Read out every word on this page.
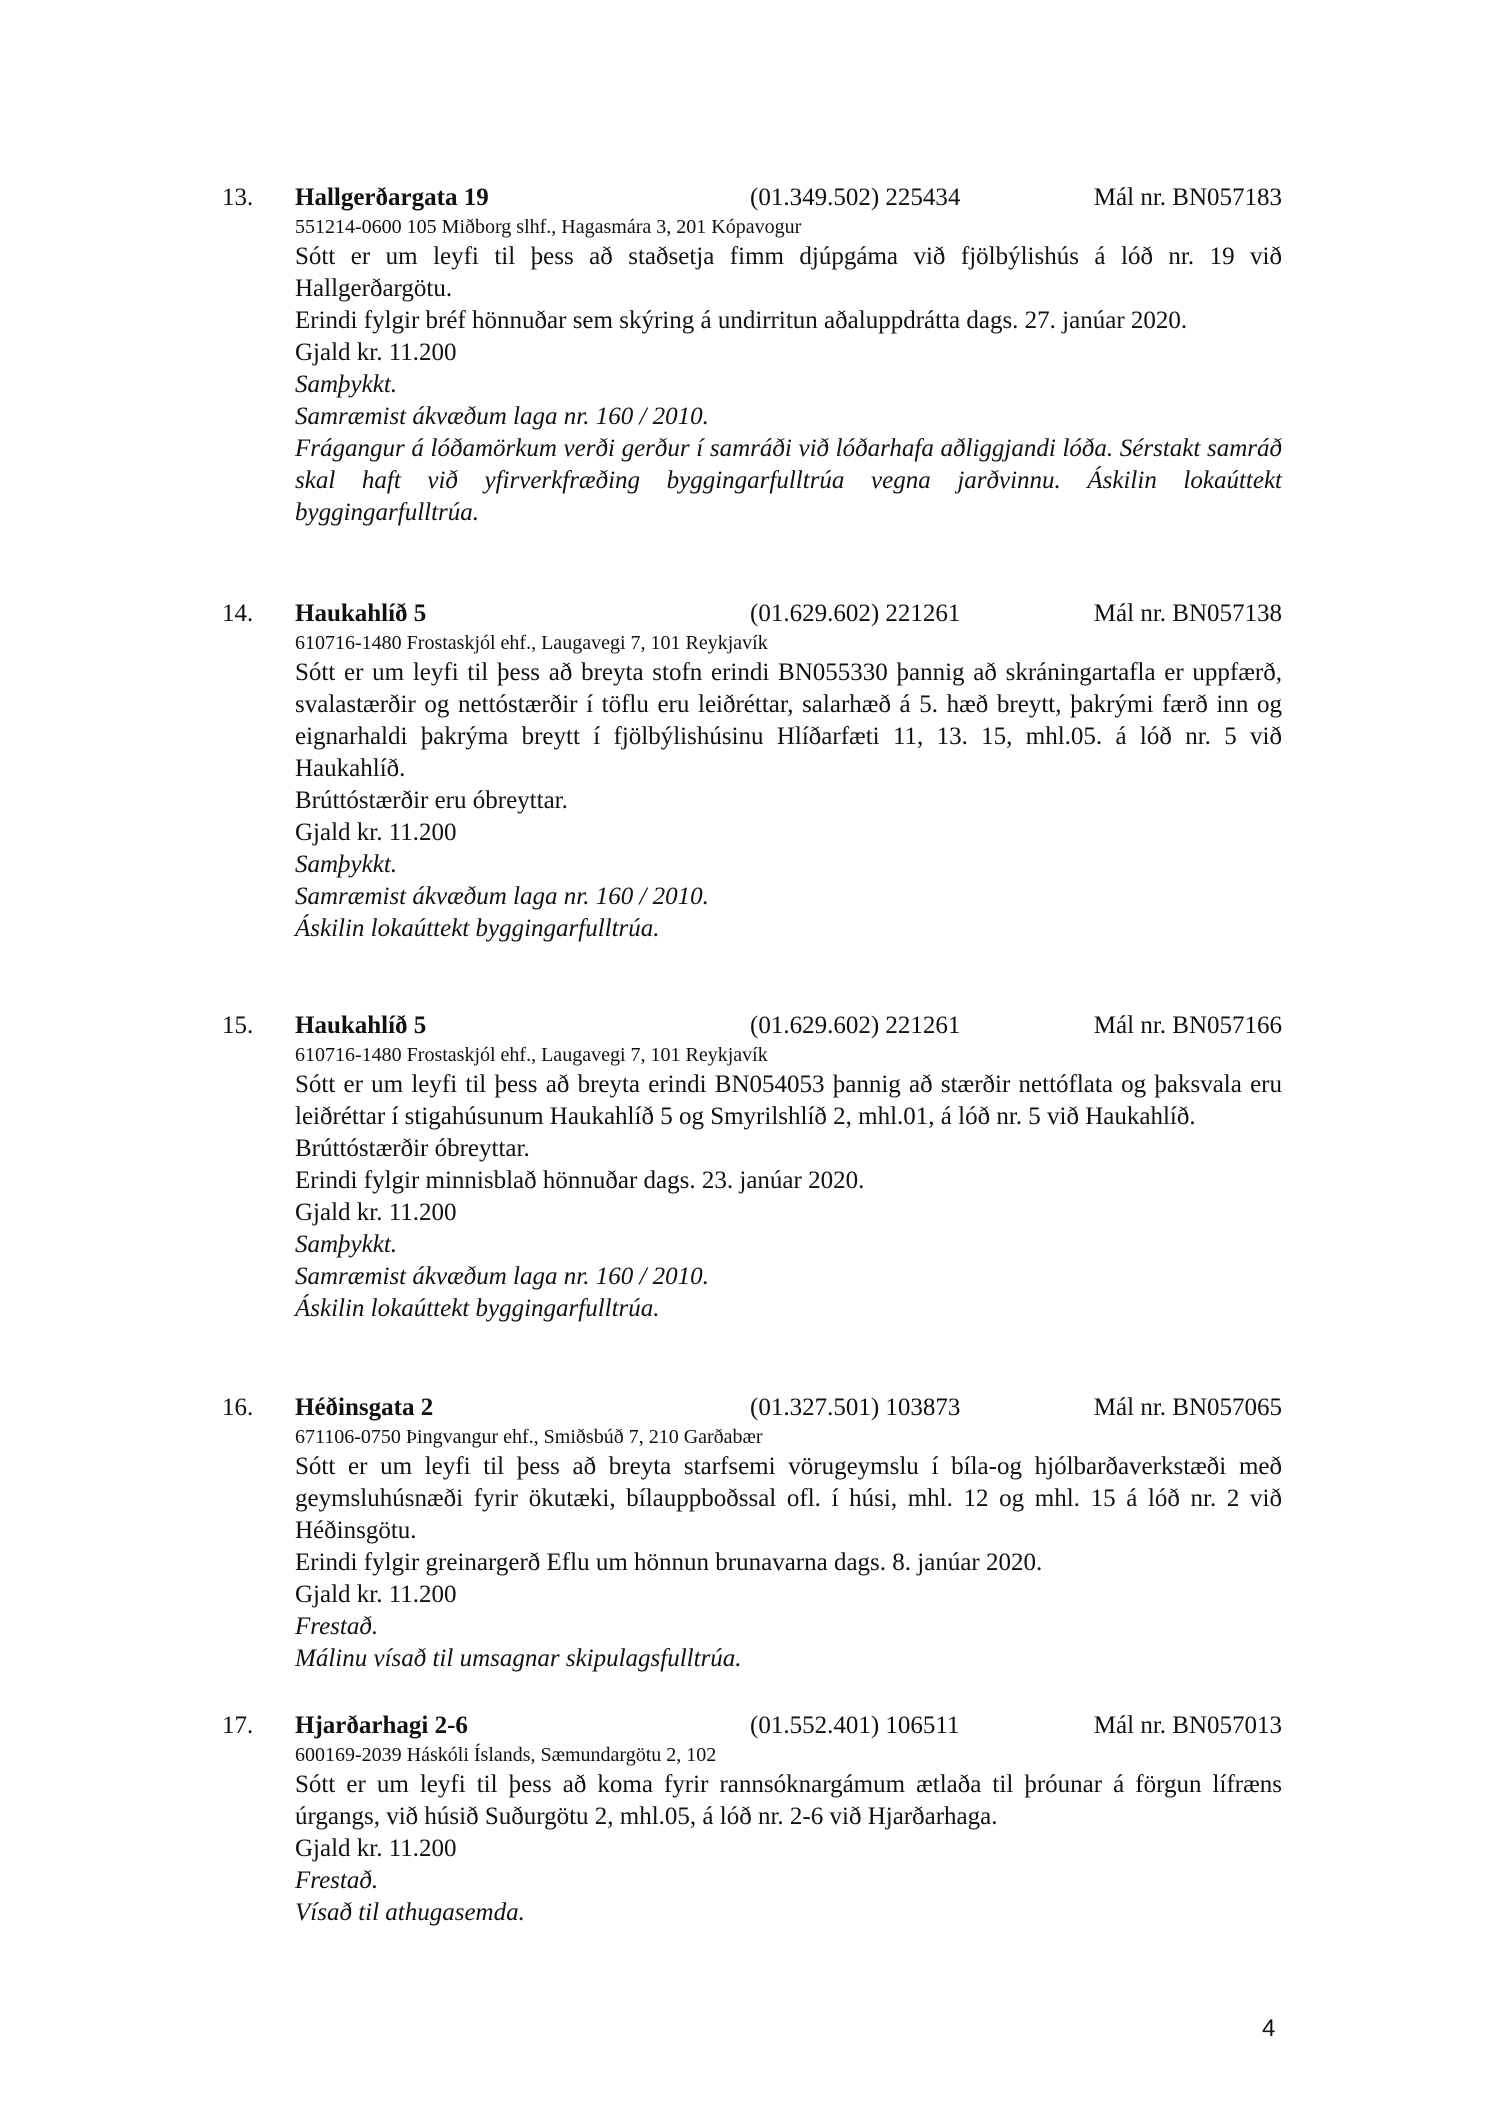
13. Hallgerðargata 19	(01.349.502) 225434	Mál nr. BN057183
551214-0600 105 Miðborg slhf., Hagasmára 3, 201 Kópavogur
Sótt er um leyfi til þess að staðsetja fimm djúpgáma við fjölbýlishús á lóð nr. 19 við Hallgerðargötu.
Erindi fylgir bréf hönnuðar sem skýring á undirritun aðaluppdrátta dags. 27. janúar 2020.
Gjald kr. 11.200
Samþykkt.
Samræmist ákvæðum laga nr. 160 / 2010.
Frágangur á lóðamörkum verði gerður í samráði við lóðarhafa aðliggjandi lóða. Sérstakt samráð skal haft við yfirverkfræðing byggingarfulltrúa vegna jarðvinnu. Áskilin lokaúttekt byggingarfulltrúa.
14. Haukahlíð 5	(01.629.602) 221261	Mál nr. BN057138
610716-1480 Frostaskjól ehf., Laugavegi 7, 101 Reykjavík
Sótt er um leyfi til þess að breyta stofn erindi BN055330 þannig að skráningartafla er uppfærð, svalastærðir og nettóstærðir í töflu eru leiðréttar, salarhæð á 5. hæð breytt, þakrými færð inn og eignarhaldi þakrýma breytt í fjölbýlishúsinu Hlíðarfæti 11, 13. 15, mhl.05. á lóð nr. 5 við Haukahlíð.
Brúttóstærðir eru óbreyttar.
Gjald kr. 11.200
Samþykkt.
Samræmist ákvæðum laga nr. 160 / 2010.
Áskilin lokaúttekt byggingarfulltrúa.
15. Haukahlíð 5	(01.629.602) 221261	Mál nr. BN057166
610716-1480 Frostaskjól ehf., Laugavegi 7, 101 Reykjavík
Sótt er um leyfi til þess að breyta erindi BN054053 þannig að stærðir nettóflata og þaksvala eru leiðréttar í stigahúsunum Haukahlíð 5 og Smyrilshlíð 2, mhl.01, á lóð nr. 5 við Haukahlíð.
Brúttóstærðir óbreyttar.
Erindi fylgir minnisblað hönnuðar dags. 23. janúar 2020.
Gjald kr. 11.200
Samþykkt.
Samræmist ákvæðum laga nr. 160 / 2010.
Áskilin lokaúttekt byggingarfulltrúa.
16. Héðinsgata 2	(01.327.501) 103873	Mál nr. BN057065
671106-0750 Þingvangur ehf., Smiðsbúð 7, 210 Garðabær
Sótt er um leyfi til þess að breyta starfsemi vörugeymslu í bíla-og hjólbarðaverkstæði með geymsluhúsnæði fyrir ökutæki, bílauppboðssal ofl. í húsi, mhl. 12 og mhl. 15 á lóð nr. 2 við Héðinsgötu.
Erindi fylgir greinargerð Eflu um hönnun brunavarna dags. 8. janúar 2020.
Gjald kr. 11.200
Frestað.
Málinu vísað til umsagnar skipulagsfulltrúa.
17. Hjarðarhagi 2-6	(01.552.401) 106511	Mál nr. BN057013
600169-2039 Háskóli Íslands, Sæmundargötu 2, 102
Sótt er um leyfi til þess að koma fyrir rannsóknargámum ætlaða til þróunar á förgun lífræns úrgangs, við húsið Suðurgötu 2, mhl.05, á lóð nr. 2-6 við Hjarðarhaga.
Gjald kr. 11.200
Frestað.
Vísað til athugasemda.
4
